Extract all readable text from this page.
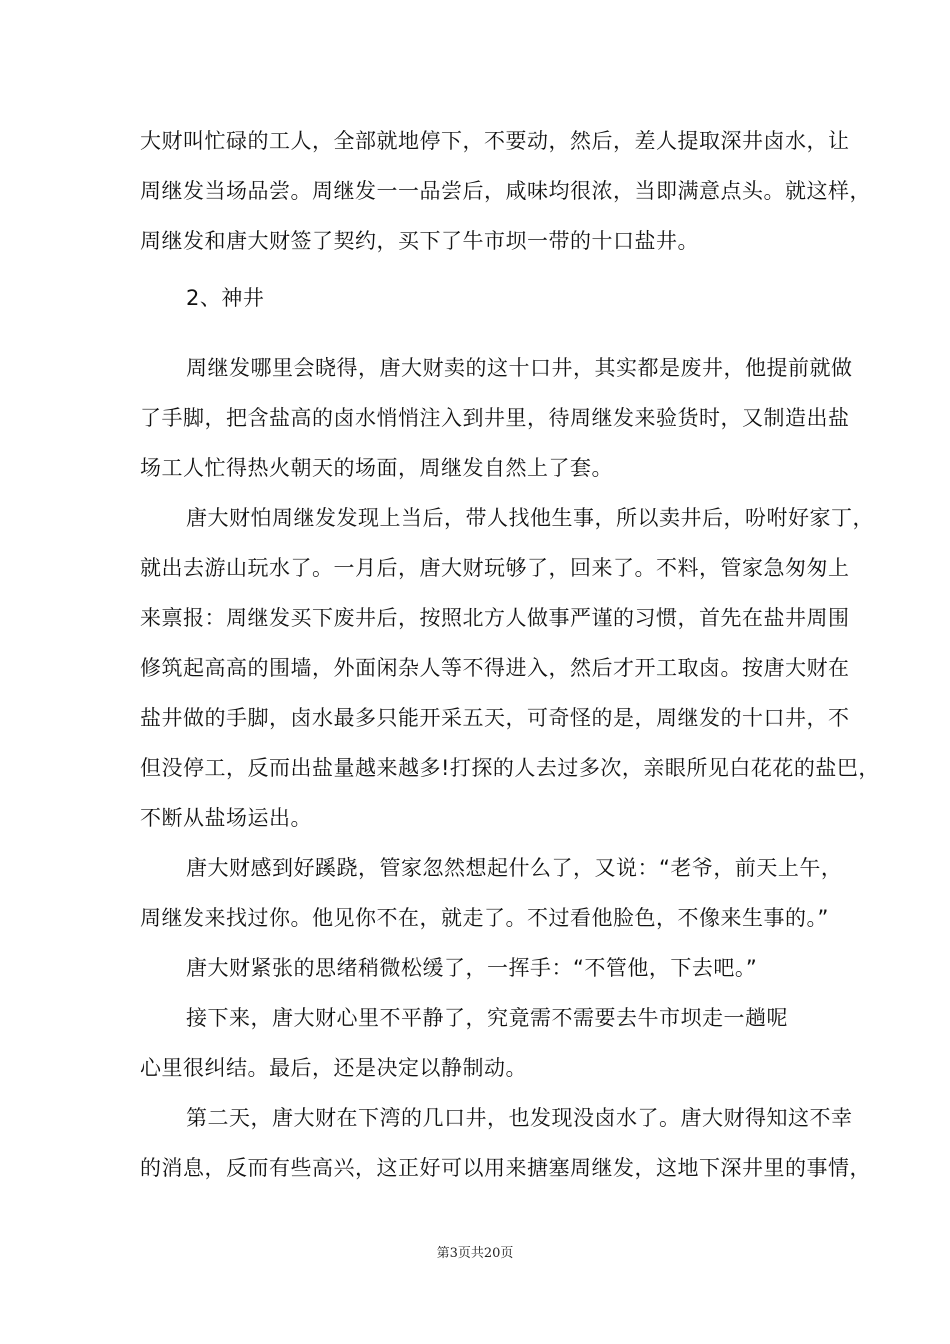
大财叫忙碌的工人，全部就地停下，不要动，然后，差人提取深井卤水，让
周继发当场品尝。周继发一一品尝后，咸味均很浓，当即满意点头。就这样，
周继发和唐大财签了契约，买下了牛市坝一带的十口盐井。
2、神井
周继发哪里会晓得，唐大财卖的这十口井，其实都是废井，他提前就做
了手脚，把含盐高的卤水悄悄注入到井里，待周继发来验货时，又制造出盐
场工人忙得热火朝天的场面，周继发自然上了套。
唐大财怕周继发发现上当后，带人找他生事，所以卖井后，吩咐好家丁，
就出去游山玩水了。一月后，唐大财玩够了，回来了。不料，管家急匆匆上
来禀报：周继发买下废井后，按照北方人做事严谨的习惯，首先在盐井周围
修筑起高高的围墙，外面闲杂人等不得进入，然后才开工取卤。按唐大财在
盐井做的手脚，卤水最多只能开采五天，可奇怪的是，周继发的十口井，不
但没停工，反而出盐量越来越多!打探的人去过多次，亲眼所见白花花的盐巴，
不断从盐场运出。
唐大财感到好蹊跷，管家忽然想起什么了，又说：“老爷，前天上午，
周继发来找过你。他见你不在，就走了。不过看他脸色，不像来生事的。”
唐大财紧张的思绪稍微松缓了，一挥手：“不管他，下去吧。”
接下来，唐大财心里不平静了，究竟需不需要去牛市坝走一趟呢
心里很纠结。最后，还是决定以静制动。
第二天，唐大财在下湾的几口井，也发现没卤水了。唐大财得知这不幸
的消息，反而有些高兴，这正好可以用来搪塞周继发，这地下深井里的事情，
第3页共20页
